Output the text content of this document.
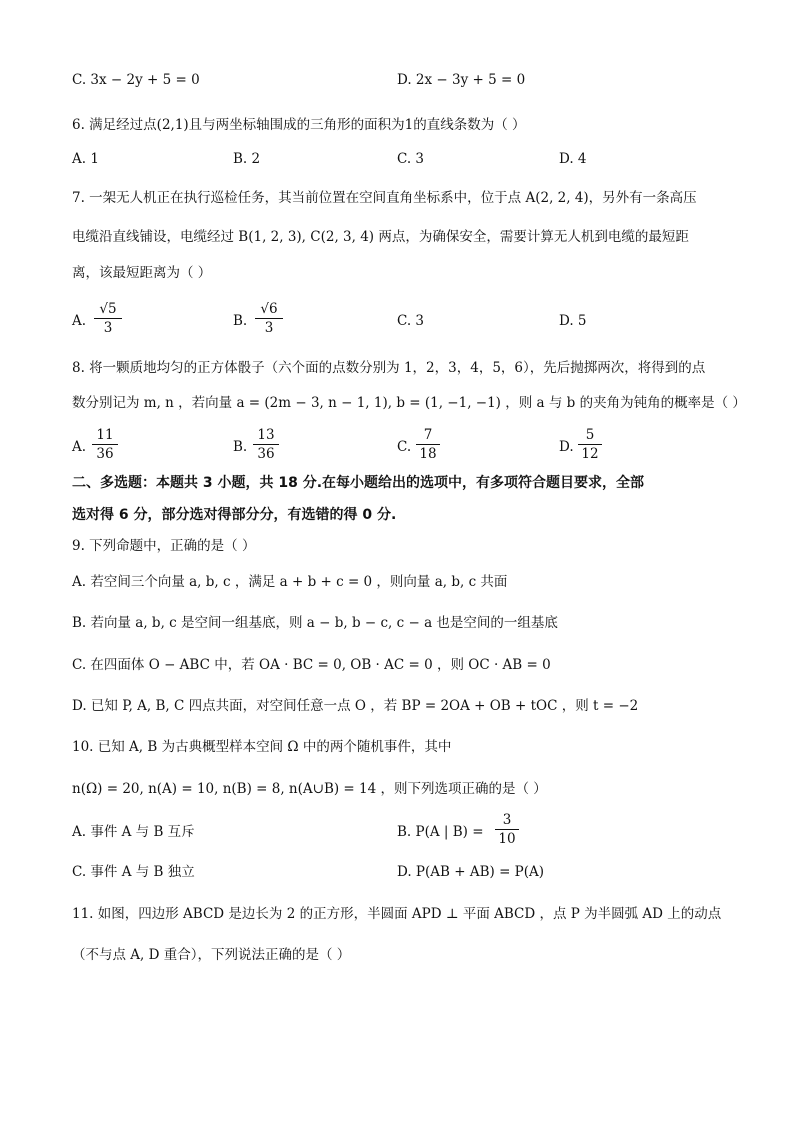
C. 3x − 2y + 5 = 0	D. 2x − 3y + 5 = 0
6. 满足经过点(2,1)且与两坐标轴围成的三角形的面积为1的直线条数为（ ）
A. 1	B. 2	C. 3	D. 4
7. 一架无人机正在执行巡检任务，其当前位置在空间直角坐标系中，位于点 A(2, 2, 4)，另外有一条高压
电缆沿直线铺设，电缆经过 B(1, 2, 3), C(2, 3, 4) 两点，为确保安全，需要计算无人机到电缆的最短距
离，该最短距离为（ ）
A. $\frac{√5}{3}$	B. $\frac{√6}{3}$	C. 3	D. 5
8. 将一颗质地均匀的正方体骰子（六个面的点数分别为 1，2，3，4，5，6），先后抛掷两次，将得到的点
数分别记为 m, n ，若向量 a = (2m − 3, n − 1, 1), b = (1, −1, −1) ，则 a 与 b 的夹角为钝角的概率是（ ）
A. $\frac{11}{36}$	B. $\frac{13}{36}$	C. $\frac{7}{18}$	D. $\frac{5}{12}$
二、多选题：本题共 3 小题，共 18 分.在每小题给出的选项中，有多项符合题目要求，全部
选对得 6 分，部分选对得部分分，有选错的得 0 分.
9. 下列命题中，正确的是（ ）
A. 若空间三个向量 a, b, c ，满足 a + b + c = 0 ，则向量 a, b, c 共面
B. 若向量 a, b, c 是空间一组基底，则 a − b, b − c, c − a 也是空间的一组基底
C. 在四面体 O − ABC 中，若 OA · BC = 0, OB · AC = 0 ，则 OC · AB = 0
D. 已知 P, A, B, C 四点共面，对空间任意一点 O ，若 BP = 2OA + OB + tOC ，则 t = −2
10. 已知 A, B 为古典概型样本空间 Ω 中的两个随机事件，其中
n(Ω) = 20, n(A) = 10, n(B) = 8, n(A∪B) = 14 ，则下列选项正确的是（ ）
A. 事件 A 与 B 互斥	B. P(A | $B) = \frac{3}{10}$
C. 事件 A 与 B 独立	D. P(AB + AB) = P(A)
11. 如图，四边形 ABCD 是边长为 2 的正方形，半圆面 APD ⊥ 平面 ABCD ，点 P 为半圆弧 AD 上的动点
（不与点 A, D 重合），下列说法正确的是（ ）
